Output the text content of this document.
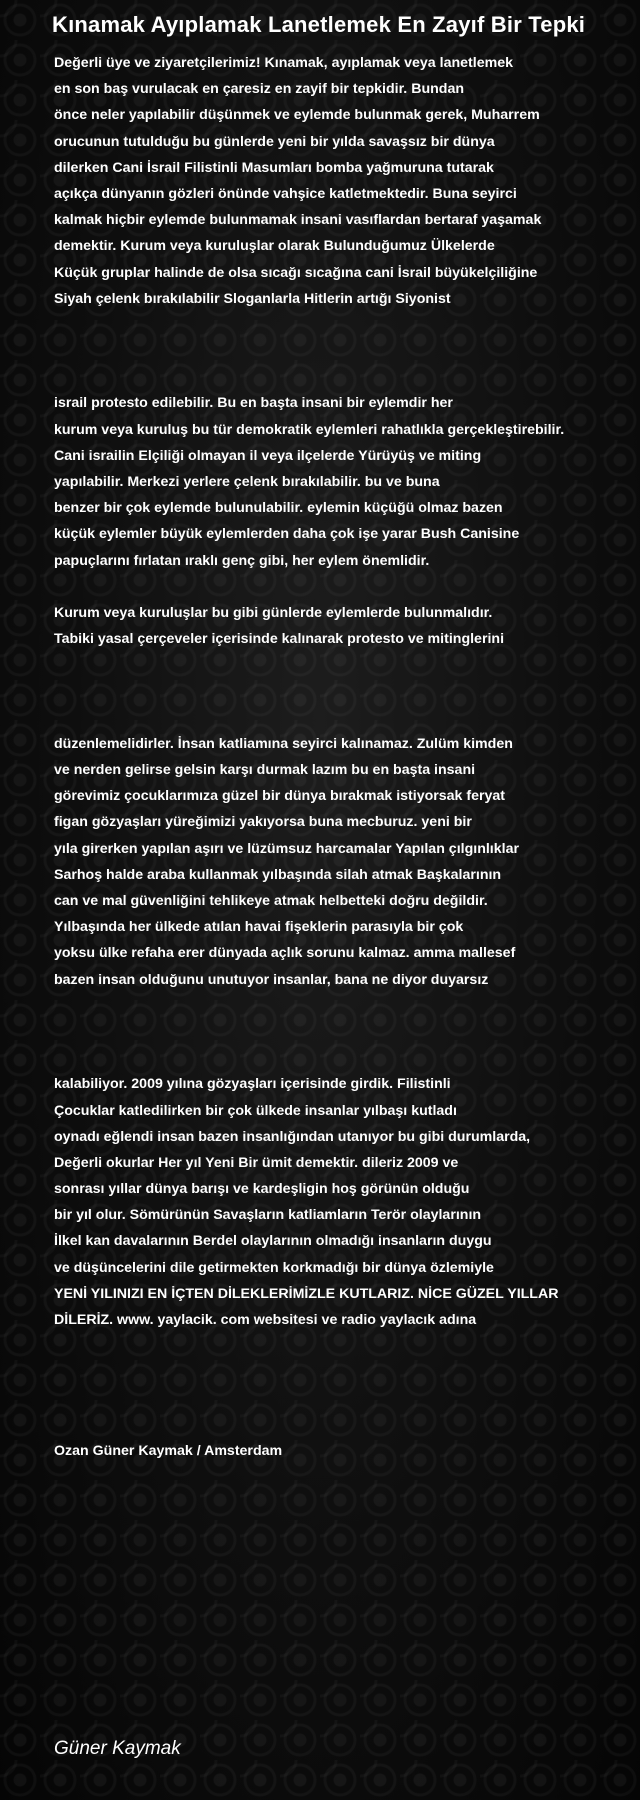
Kınamak Ayıplamak Lanetlemek En Zayıf Bir Tepki
Değerli üye ve ziyaretçilerimiz! Kınamak, ayıplamak veya lanetlemek
en son baş vurulacak en çaresiz en zayif bir tepkidir. Bundan
önce neler yapılabilir düşünmek ve eylemde bulunmak gerek, Muharrem
orucunun tutulduğu bu günlerde yeni bir yılda savaşsız bir dünya
dilerken Cani İsrail Filistinli Masumları bomba yağmuruna tutarak
açıkça dünyanın gözleri önünde vahşice katletmektedir. Buna seyirci
kalmak hiçbir eylemde bulunmamak insani vasıflardan bertaraf yaşamak
demektir. Kurum veya kuruluşlar olarak Bulunduğumuz Ülkelerde
Küçük gruplar halinde de olsa sıcağı sıcağına cani İsrail büyükelçiliğine
Siyah çelenk bırakılabilir Sloganlarla Hitlerin artığı Siyonist
israil protesto edilebilir. Bu en başta insani bir eylemdir her
kurum veya kuruluş bu tür demokratik eylemleri rahatlıkla gerçekleştirebilir.
Cani israilin Elçiliği olmayan il veya ilçelerde Yürüyüş ve miting
yapılabilir. Merkezi yerlere çelenk bırakılabilir. bu ve buna
benzer bir çok eylemde bulunulabilir. eylemin küçüğü olmaz bazen
küçük eylemler büyük eylemlerden daha çok işe yarar Bush Canisine
papuçlarını fırlatan ıraklı genç gibi, her eylem önemlidir.
Kurum veya kuruluşlar bu gibi günlerde eylemlerde bulunmalıdır.
Tabiki yasal çerçeveler içerisinde kalınarak protesto ve mitinglerini
düzenlemelidirler. İnsan katliamına seyirci kalınamaz. Zulüm kimden
ve nerden gelirse gelsin karşı durmak lazım bu en başta insani
görevimiz çocuklarımıza güzel bir dünya bırakmak istiyorsak feryat
figan gözyaşları yüreğimizi yakıyorsa buna mecburuz. yeni bir
yıla girerken yapılan aşırı ve lüzümsuz harcamalar Yapılan çılgınlıklar
Sarhoş halde araba kullanmak yılbaşında silah atmak Başkalarının
can ve mal güvenliğini tehlikeye atmak helbetteki doğru değildir.
Yılbaşında her ülkede atılan havai fişeklerin parasıyla bir çok
yoksu ülke refaha erer dünyada açlık sorunu kalmaz. amma mallesef
bazen insan olduğunu unutuyor insanlar, bana ne diyor duyarsız
kalabiliyor. 2009 yılına gözyaşları içerisinde girdik. Filistinli
Çocuklar katledilirken bir çok ülkede insanlar yılbaşı kutladı
oynadı eğlendi insan bazen insanlığından utanıyor bu gibi durumlarda,
Değerli okurlar Her yıl Yeni Bir ümit demektir. dileriz 2009 ve
sonrası yıllar dünya barışı ve kardeşligin hoş görünün olduğu
bir yıl olur. Sömürünün Savaşların katliamların Terör olaylarının
İlkel kan davalarının Berdel olaylarının olmadığı insanların duygu
ve düşüncelerini dile getirmekten korkmadığı bir dünya özlemiyle
YENİ YILINIZI EN İÇTEN DİLEKLERİMİZLE KUTLARIZ. NİCE GÜZEL YILLAR
DİLERİZ. www. yaylacik. com websitesi ve radio yaylacık adına
Ozan Güner Kaymak / Amsterdam
Güner Kaymak
